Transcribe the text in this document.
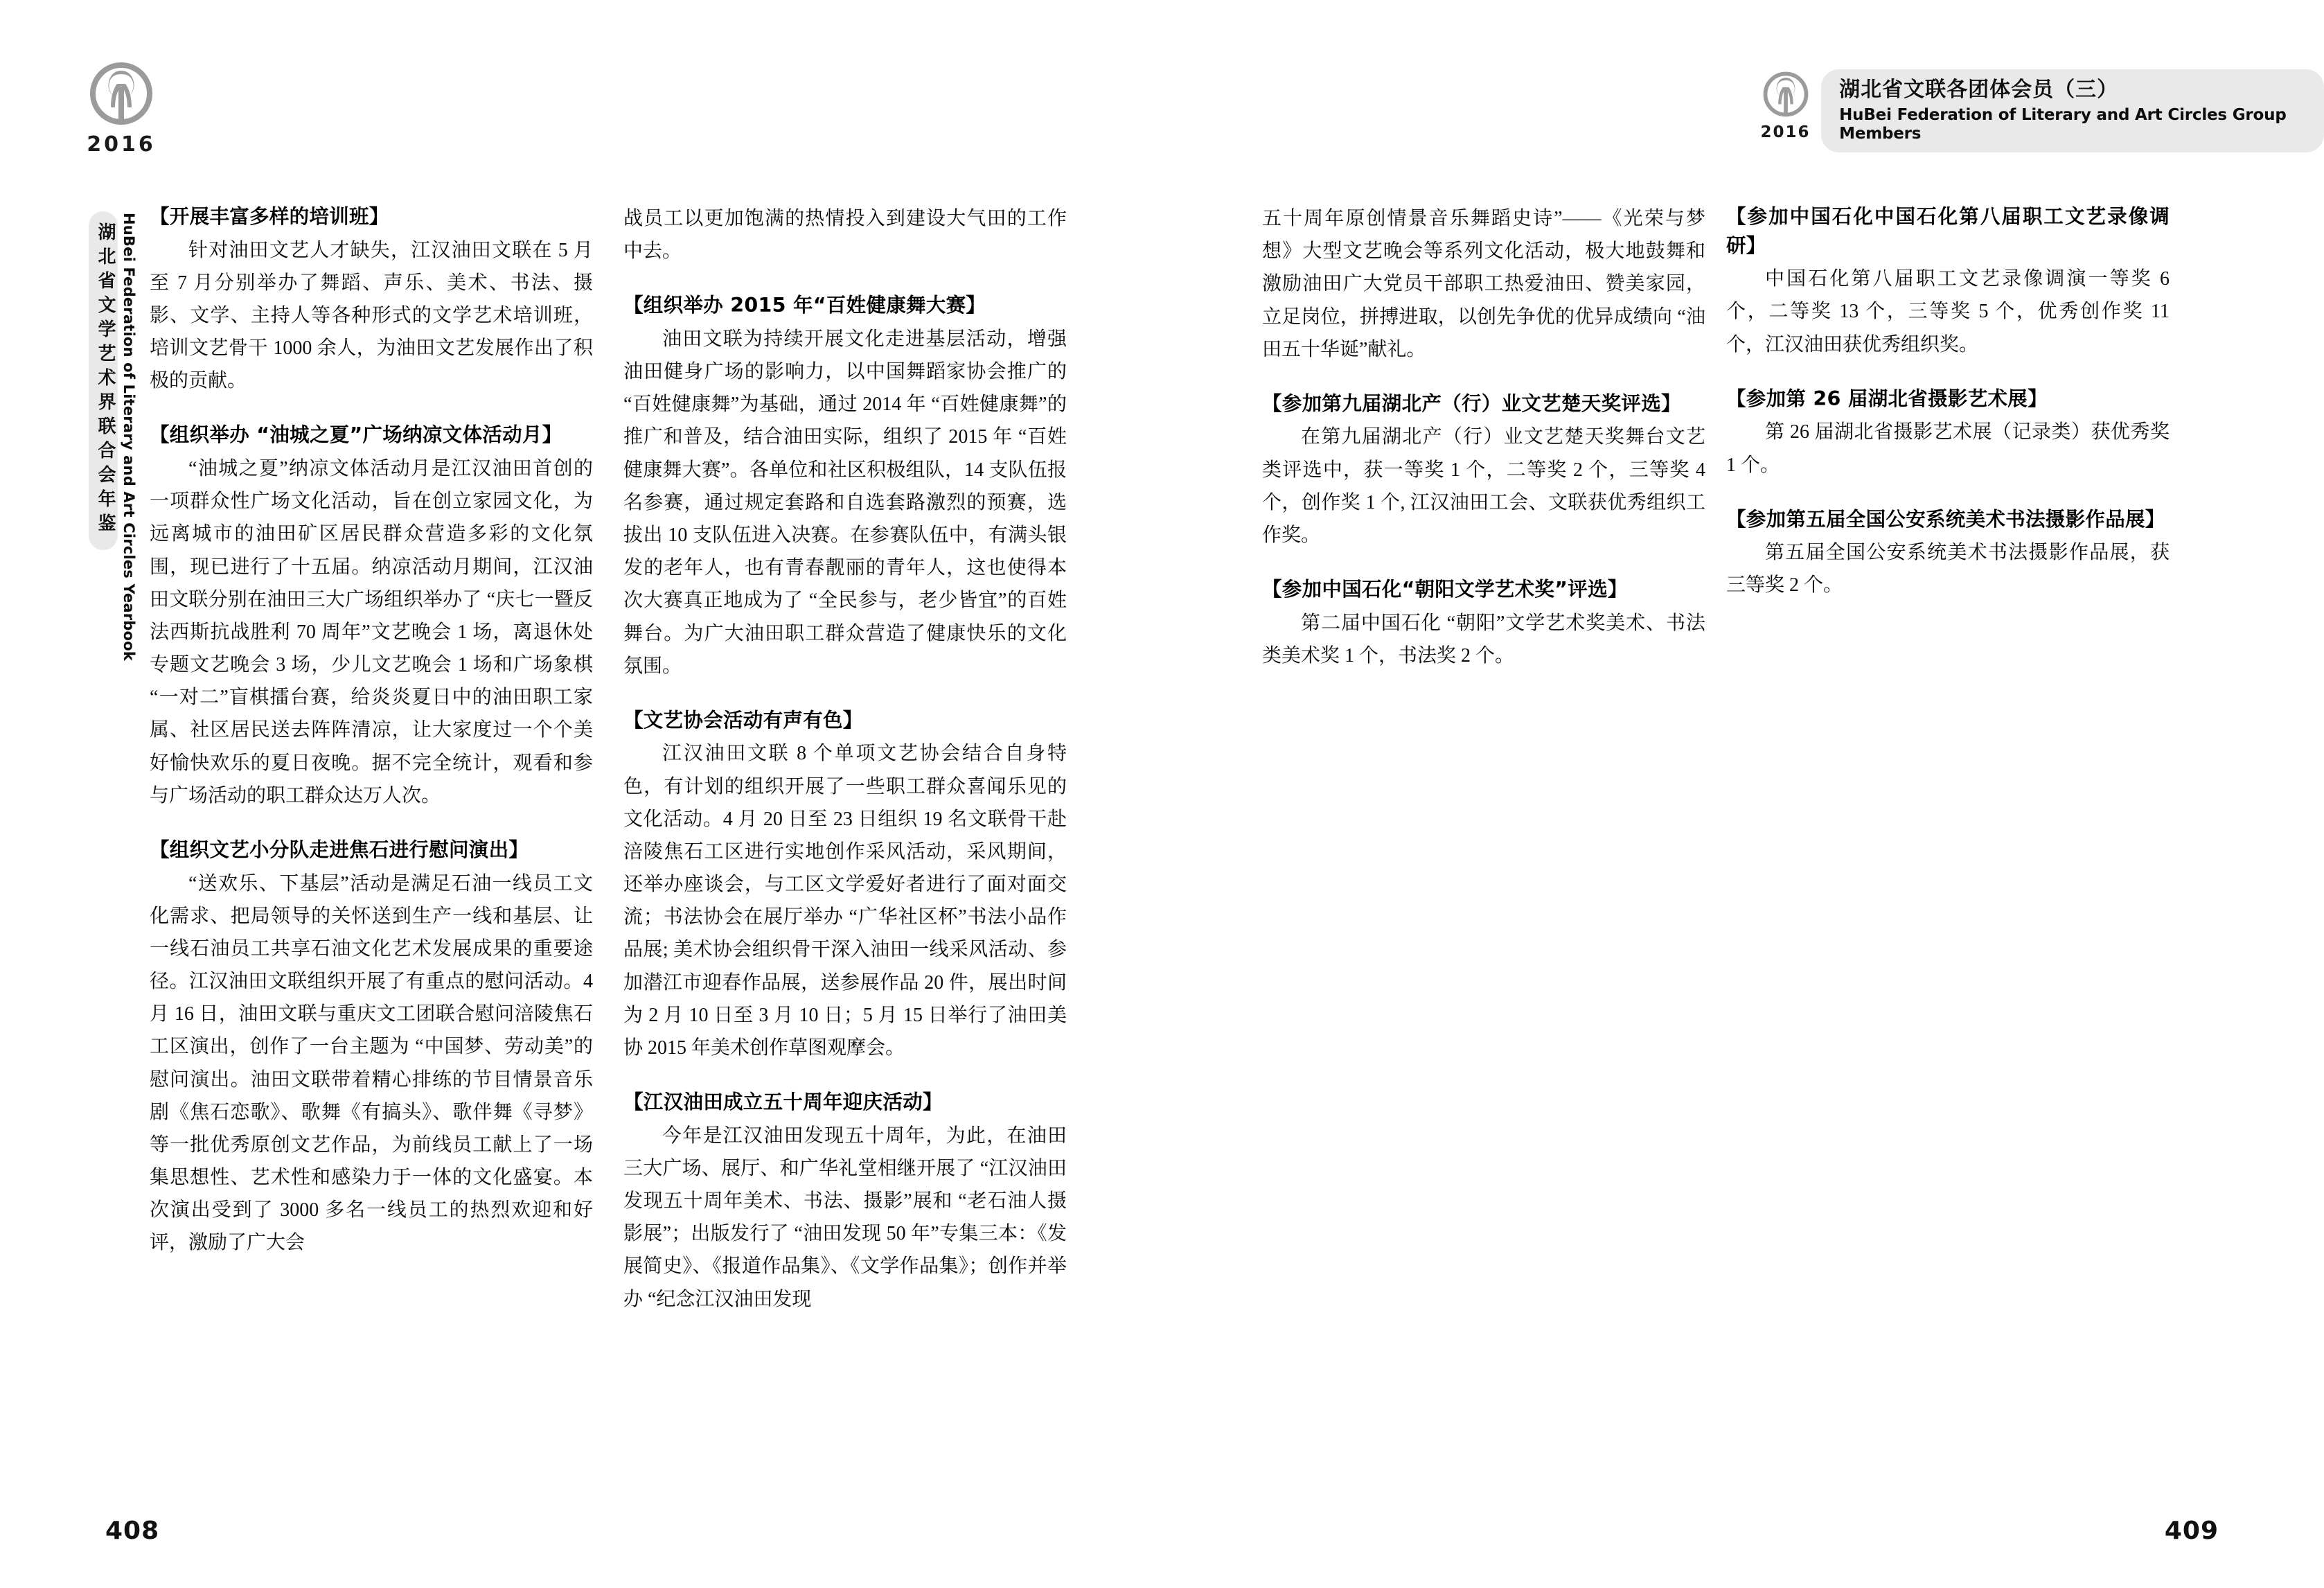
2016
湖北省文学艺术界联合会年鉴 HuBei Federation of Literary and Art Circles Yearbook 【开展丰富多样的培训班】

针对油田文艺人才缺失，江汉油田文联在 5 月至 7 月分别举办了舞蹈、声乐、美术、书法、摄影、文学、主持人等各种形式的文学艺术培训班，培训文艺骨干 1000 余人，为油田文艺发展作出了积极的贡献。

【组织举办 “油城之夏”广场纳凉文体活动月】

“油城之夏”纳凉文体活动月是江汉油田首创的一项群众性广场文化活动，旨在创立家园文化，为远离城市的油田矿区居民群众营造多彩的文化氛围，现已进行了十五届。纳凉活动月期间，江汉油田文联分别在油田三大广场组织举办了 “庆七一暨反法西斯抗战胜利 70 周年”文艺晚会 1 场，离退休处专题文艺晚会 3 场，少儿文艺晚会 1 场和广场象棋 “一对二”盲棋擂台赛，给炎炎夏日中的油田职工家属、社区居民送去阵阵清凉，让大家度过一个个美好愉快欢乐的夏日夜晚。据不完全统计，观看和参与广场活动的职工群众达万人次。

【组织文艺小分队走进焦石进行慰问演出】

“送欢乐、下基层”活动是满足石油一线员工文化需求、把局领导的关怀送到生产一线和基层、让一线石油员工共享石油文化艺术发展成果的重要途径。江汉油田文联组织开展了有重点的慰问活动。4 月 16 日，油田文联与重庆文工团联合慰问涪陵焦石工区演出，创作了一台主题为 “中国梦、劳动美”的慰问演出。油田文联带着精心排练的节目情景音乐剧《焦石恋歌》、歌舞《有搞头》、歌伴舞《寻梦》等一批优秀原创文艺作品，为前线员工献上了一场集思想性、艺术性和感染力于一体的文化盛宴。本次演出受到了 3000 多名一线员工的热烈欢迎和好评，激励了广大会

战员工以更加饱满的热情投入到建设大气田的工作中去。

【组织举办 2015 年“百姓健康舞大赛】

油田文联为持续开展文化走进基层活动，增强油田健身广场的影响力，以中国舞蹈家协会推广的 “百姓健康舞”为基础，通过 2014 年 “百姓健康舞”的推广和普及，结合油田实际，组织了 2015 年 “百姓健康舞大赛”。各单位和社区积极组队，14 支队伍报名参赛，通过规定套路和自选套路激烈的预赛，选拔出 10 支队伍进入决赛。在参赛队伍中，有满头银发的老年人，也有青春靓丽的青年人，这也使得本次大赛真正地成为了 “全民参与，老少皆宜”的百姓舞台。为广大油田职工群众营造了健康快乐的文化氛围。

【文艺协会活动有声有色】

江汉油田文联 8 个单项文艺协会结合自身特色，有计划的组织开展了一些职工群众喜闻乐见的文化活动。4 月 20 日至 23 日组织 19 名文联骨干赴涪陵焦石工区进行实地创作采风活动，采风期间，还举办座谈会，与工区文学爱好者进行了面对面交流；书法协会在展厅举办 “广华社区杯”书法小品作品展; 美术协会组织骨干深入油田一线采风活动、参加潜江市迎春作品展，送参展作品 20 件，展出时间为 2 月 10 日至 3 月 10 日；5 月 15 日举行了油田美协 2015 年美术创作草图观摩会。

【江汉油田成立五十周年迎庆活动】

今年是江汉油田发现五十周年，为此，在油田三大广场、展厅、和广华礼堂相继开展了 “江汉油田发现五十周年美术、书法、摄影”展和 “老石油人摄影展”；出版发行了 “油田发现 50 年”专集三本：《发展简史》、《报道作品集》、《文学作品集》；创作并举办 “纪念江汉油田发现

408
2016
湖北省文联各团体会员（三）
HuBei Federation of Literary and Art Circles Group Members

五十周年原创情景音乐舞蹈史诗”——《光荣与梦想》大型文艺晚会等系列文化活动，极大地鼓舞和激励油田广大党员干部职工热爱油田、赞美家园，立足岗位，拼搏进取，以创先争优的优异成绩向 “油田五十华诞”献礼。

【参加第九届湖北产（行）业文艺楚天奖评选】

在第九届湖北产（行）业文艺楚天奖舞台文艺类评选中，获一等奖 1 个，二等奖 2 个，三等奖 4 个，创作奖 1 个, 江汉油田工会、文联获优秀组织工作奖。

【参加中国石化“朝阳文学艺术奖”评选】

第二届中国石化 “朝阳”文学艺术奖美术、书法类美术奖 1 个，书法奖 2 个。

【参加中国石化中国石化第八届职工文艺录像调研】

中国石化第八届职工文艺录像调演一等奖 6 个，二等奖 13 个，三等奖 5 个，优秀创作奖 11 个，江汉油田获优秀组织奖。

【参加第 26 届湖北省摄影艺术展】

第 26 届湖北省摄影艺术展（记录类）获优秀奖 1 个。

【参加第五届全国公安系统美术书法摄影作品展】

第五届全国公安系统美术书法摄影作品展，获三等奖 2 个。

409
